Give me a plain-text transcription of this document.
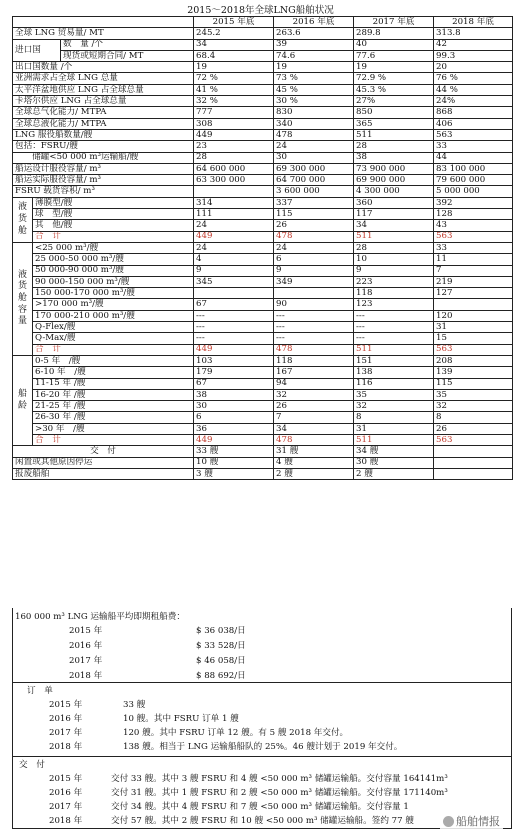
2015～2018年全球LNG船舶状况
			2015 年底	2016 年底	2017 年底	2018 年底
全球 LNG 贸易量/ MT			245.2	263.6	289.8	313.8
进口国		数　量 /个	34	39	40	42
		现货或短期合同/ MT	68.4	74.6	77.6	99.3
出口国数量 /个			19	19	19	20
亚洲需求占全球 LNG 总量			72 %	73 %	72.9 %	76 %
太平洋盆地供应 LNG 占全球总量			41 %	45 %	45.3 %	44 %
卡塔尔供应 LNG 占全球总量			32 %	30 %	27%	24%
全球总气化能力/ MTPA			777	830	850	868
全球总液化能力/ MTPA			308	340	365	406
LNG 服役船数量/艘			449	478	511	563
包括：FSRU/艘			23	24	28	33
　　储罐<50 000 m³运输船/艘			28	30	38	44
船运设计服役容量/ m³			64 600 000	69 300 000	73 900 000	83 100 000
船运实际服役容量/ m³			63 300 000	64 700 000	69 900 000	79 600 000
FSRU 载货容积/ m³				3 600 000	4 300 000	5 000 000

液
货
舱	薄膜型/艘		314	337	360	392
	球　型/艘		111	115	117	128
	其　他/艘		24	26	34	43
	合　计		449	478	511	563

液
货
舱
容
量	<25 000 m³/艘		24	24	28	33
	25 000-50 000 m³/艘		4	6	10	11
	50 000-90 000 m³/艘		9	9	9	7
	90 000-150 000 m³/艘		345	349	223	219
	150 000-170 000 m³/艘				118	127
	>170 000 m³/艘		67	90	123	
	170 000-210 000 m³/艘		---	---	---	120
	Q-Flex/艘		---	---	---	31
	Q-Max/艘		---	---	---	15
	合　计		449	478	511	563

船
龄	0-5 年　/艘		103	118	151	208
	6-10 年　/艘		179	167	138	139
	11-15 年 /艘		67	94	116	115
	16-20 年 /艘		38	32	35	35
	21-25 年 /艘		30	26	32	32
	26-30 年 /艘		6	7	8	8
	>30 年　/艘		36	34	31	26
	合　计		449	478	511	563
交　付			33 艘	31 艘	34 艘	
闲置或其他原因停运			10 艘	4 艘	30 艘	
报废船舶			3 艘	2 艘	2 艘	
160 000 m³ LNG 运输船平均即期租船费：
2015 年	$ 36 038/日
2016 年	$ 33 528/日
2017 年	$ 46 058/日
2018 年	$ 88 692/日
订　单
2015 年	33 艘
2016 年	10 艘。其中 FSRU 订单 1 艘
2017 年	120 艘。其中 FSRU 订单 12 艘。有 5 艘 2018 年交付。
2018 年	138 艘。相当于 LNG 运输船船队的 25%。46 艘计划于 2019 年交付。
交　付
2015 年	交付 33 艘。其中 3 艘 FSRU 和 4 艘 <50 000 m³ 储罐运输船。交付容量 164141m³
2016 年	交付 31 艘。其中 1 艘 FSRU 和 2 艘 <50 000 m³ 储罐运输船。交付容量 171140m³
2017 年	交付 34 艘。其中 4 艘 FSRU 和 7 艘 <50 000 m³ 储罐运输船。交付容量 1
2018 年	交付 57 艘。其中 2 艘 FSRU 和 10 艘 <50 000 m³ 储罐运输船。签约 77 艘	船舶情报
